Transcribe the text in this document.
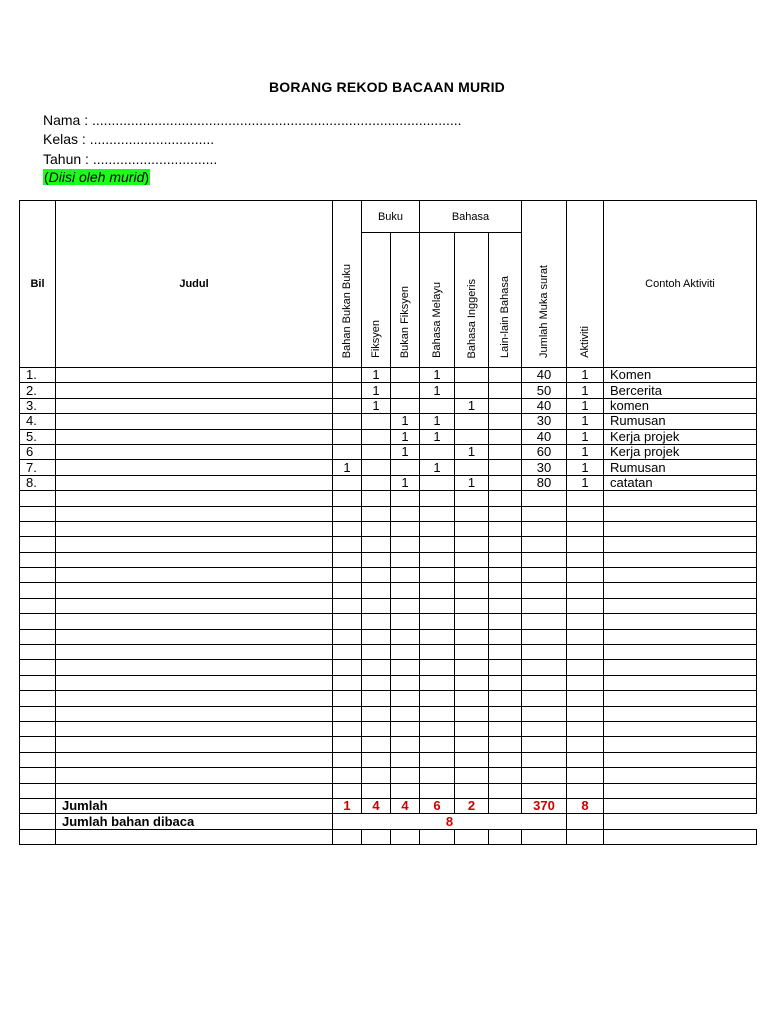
BORANG REKOD BACAAN MURID
Nama : ...............................................................................................
Kelas : ................................
Tahun : ................................
(Diisi oleh murid)
Bil	Judul	Bahan Bukan Buku	Buku		Bahasa			Jumlah Muka surat	Aktiviti	Contoh Aktiviti
			Fiksyen	Bukan Fiksyen	Bahasa Melayu	Bahasa Inggeris	Lain-lain Bahasa			
1.			1		1			40	1	Komen
2.			1		1			50	1	Bercerita
3.			1			1		40	1	komen
4.				1	1			30	1	Rumusan
5.				1	1			40	1	Kerja projek
6				1		1		60	1	Kerja projek
7.		1			1			30	1	Rumusan
8.				1		1		80	1	catatan

	Jumlah	1	4	4	6	2		370	8	
	Jumlah bahan dibaca	8								
